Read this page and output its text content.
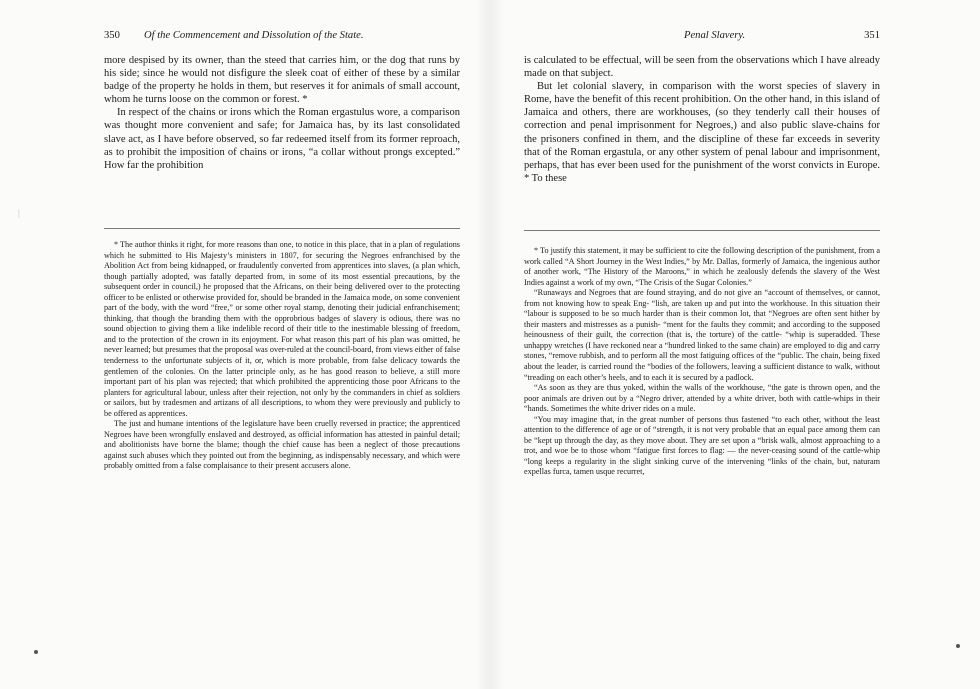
|
350 Of the Commencement and Dissolution of the State.

more despised by its owner, than the steed that carries him, or the dog that runs by his side; since he would not disfigure the sleek coat of either of these by a similar badge of the property he holds in them, but reserves it for animals of small account, whom he turns loose on the common or forest. *

In respect of the chains or irons which the Roman ergastulus wore, a comparison was thought more convenient and safe; for Jamaica has, by its last consolidated slave act, as I have before observed, so far redeemed itself from its former reproach, as to prohibit the imposition of chains or irons, “a collar without prongs excepted.” How far the prohibition

* The author thinks it right, for more reasons than one, to notice in this place, that in a plan of regulations which he submitted to His Majesty’s ministers in 1807, for securing the Negroes enfranchised by the Abolition Act from being kidnapped, or fraudulently converted from apprentices into slaves, (a plan which, though partially adopted, was fatally departed from, in some of its most essential precautions, by the subsequent order in council,) he proposed that the Africans, on their being delivered over to the protecting officer to be enlisted or otherwise provided for, should be branded in the Jamaica mode, on some convenient part of the body, with the word “free,” or some other royal stamp, denoting their judicial enfranchisement; thinking, that though the branding them with the opprobrious badges of slavery is odious, there was no sound objection to giving them a like indelible record of their title to the inestimable blessing of freedom, and to the protection of the crown in its enjoyment. For what reason this part of his plan was omitted, he never learned; but presumes that the proposal was over-ruled at the council-board, from views either of false tenderness to the unfortunate subjects of it, or, which is more probable, from false delicacy towards the gentlemen of the colonies. On the latter principle only, as he has good reason to believe, a still more important part of his plan was rejected; that which prohibited the apprenticing those poor Africans to the planters for agricultural labour, unless after their rejection, not only by the commanders in chief as soldiers or sailors, but by tradesmen and artizans of all descriptions, to whom they were previously and publicly to be offered as apprentices.

The just and humane intentions of the legislature have been cruelly reversed in practice; the apprenticed Negroes have been wrongfully enslaved and destroyed, as official information has attested in painful detail; and abolitionists have borne the blame; though the chief cause has been a neglect of those precautions against such abuses which they pointed out from the beginning, as indispensably necessary, and which were probably omitted from a false complaisance to their present accusers alone.

Penal Slavery.	351

is calculated to be effectual, will be seen from the observations which I have already made on that subject.

But let colonial slavery, in comparison with the worst species of slavery in Rome, have the benefit of this recent prohibition. On the other hand, in this island of Jamaica and others, there are workhouses, (so they tenderly call their houses of correction and penal imprisonment for Negroes,) and also public slave-chains for the prisoners confined in them, and the discipline of these far exceeds in severity that of the Roman ergastula, or any other system of penal labour and imprisonment, perhaps, that has ever been used for the punishment of the worst convicts in Europe. * To these

* To justify this statement, it may be sufficient to cite the following description of the punishment, from a work called “A Short Journey in the West Indies,” by Mr. Dallas, formerly of Jamaica, the ingenious author of another work, “The History of the Maroons,” in which he zealously defends the slavery of the West Indies against a work of my own, “The Crisis of the Sugar Colonies.”

“Runaways and Negroes that are found straying, and do not give an “account of themselves, or cannot, from not knowing how to speak Eng- “lish, are taken up and put into the workhouse. In this situation their “labour is supposed to be so much harder than is their common lot, that “Negroes are often sent hither by their masters and mistresses as a punish- “ment for the faults they commit; and according to the supposed heinousness of their guilt, the correction (that is, the torture) of the cattle- “whip is superadded. These unhappy wretches (I have reckoned near a “hundred linked to the same chain) are employed to dig and carry stones, “remove rubbish, and to perform all the most fatiguing offices of the “public. The chain, being fixed about the leader, is carried round the “bodies of the followers, leaving a sufficient distance to walk, without “treading on each other’s heels, and to each it is secured by a padlock.

“As soon as they are thus yoked, within the walls of the workhouse, “the gate is thrown open, and the poor animals are driven out by a “Negro driver, attended by a white driver, both with cattle-whips in their “hands. Sometimes the white driver rides on a mule.

“You may imagine that, in the great number of persons thus fastened “to each other, without the least attention to the difference of age or of “strength, it is not very probable that an equal pace among them can be “kept up through the day, as they move about. They are set upon a “brisk walk, almost approaching to a trot, and woe be to those whom “fatigue first forces to flag: — the never-ceasing sound of the cattle-whip “long keeps a regularity in the slight sinking curve of the intervening “links of the chain, but, naturam expellas furca, tamen usque recurret,
